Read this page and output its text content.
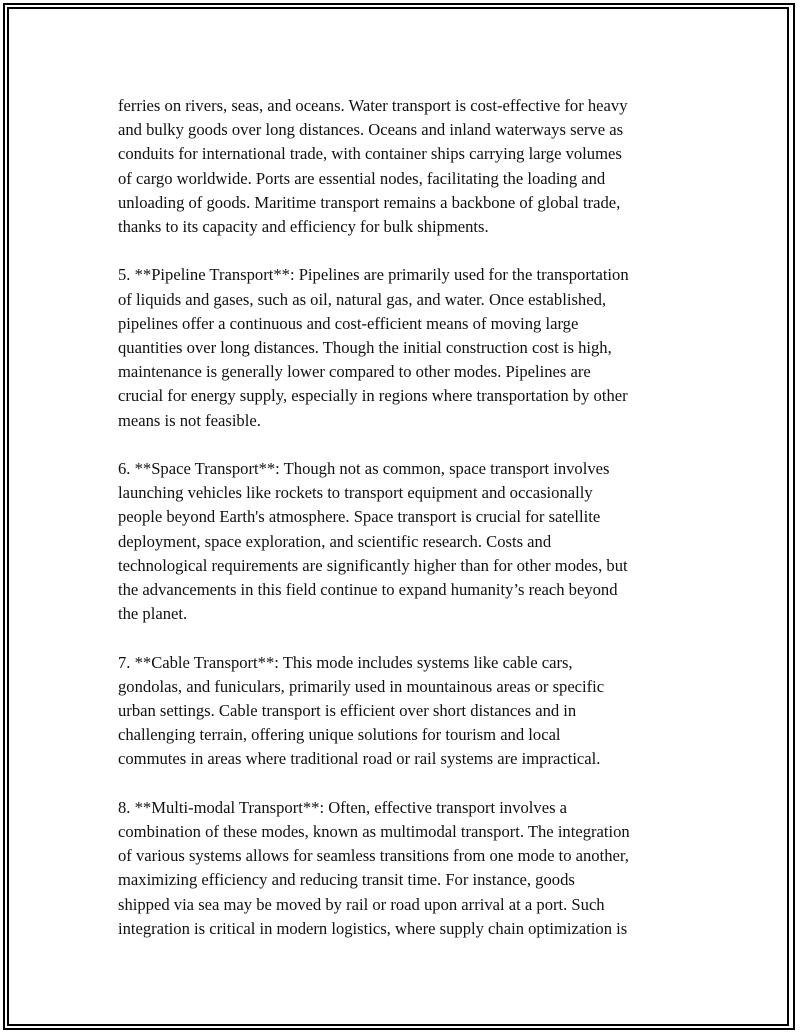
ferries on rivers, seas, and oceans. Water transport is cost-effective for heavy
and bulky goods over long distances. Oceans and inland waterways serve as
conduits for international trade, with container ships carrying large volumes
of cargo worldwide. Ports are essential nodes, facilitating the loading and
unloading of goods. Maritime transport remains a backbone of global trade,
thanks to its capacity and efficiency for bulk shipments.

5. **Pipeline Transport**: Pipelines are primarily used for the transportation
of liquids and gases, such as oil, natural gas, and water. Once established,
pipelines offer a continuous and cost-efficient means of moving large
quantities over long distances. Though the initial construction cost is high,
maintenance is generally lower compared to other modes. Pipelines are
crucial for energy supply, especially in regions where transportation by other
means is not feasible.

6. **Space Transport**: Though not as common, space transport involves
launching vehicles like rockets to transport equipment and occasionally
people beyond Earth's atmosphere. Space transport is crucial for satellite
deployment, space exploration, and scientific research. Costs and
technological requirements are significantly higher than for other modes, but
the advancements in this field continue to expand humanity’s reach beyond
the planet.

7. **Cable Transport**: This mode includes systems like cable cars,
gondolas, and funiculars, primarily used in mountainous areas or specific
urban settings. Cable transport is efficient over short distances and in
challenging terrain, offering unique solutions for tourism and local
commutes in areas where traditional road or rail systems are impractical.

8. **Multi-modal Transport**: Often, effective transport involves a
combination of these modes, known as multimodal transport. The integration
of various systems allows for seamless transitions from one mode to another,
maximizing efficiency and reducing transit time. For instance, goods
shipped via sea may be moved by rail or road upon arrival at a port. Such
integration is critical in modern logistics, where supply chain optimization is
